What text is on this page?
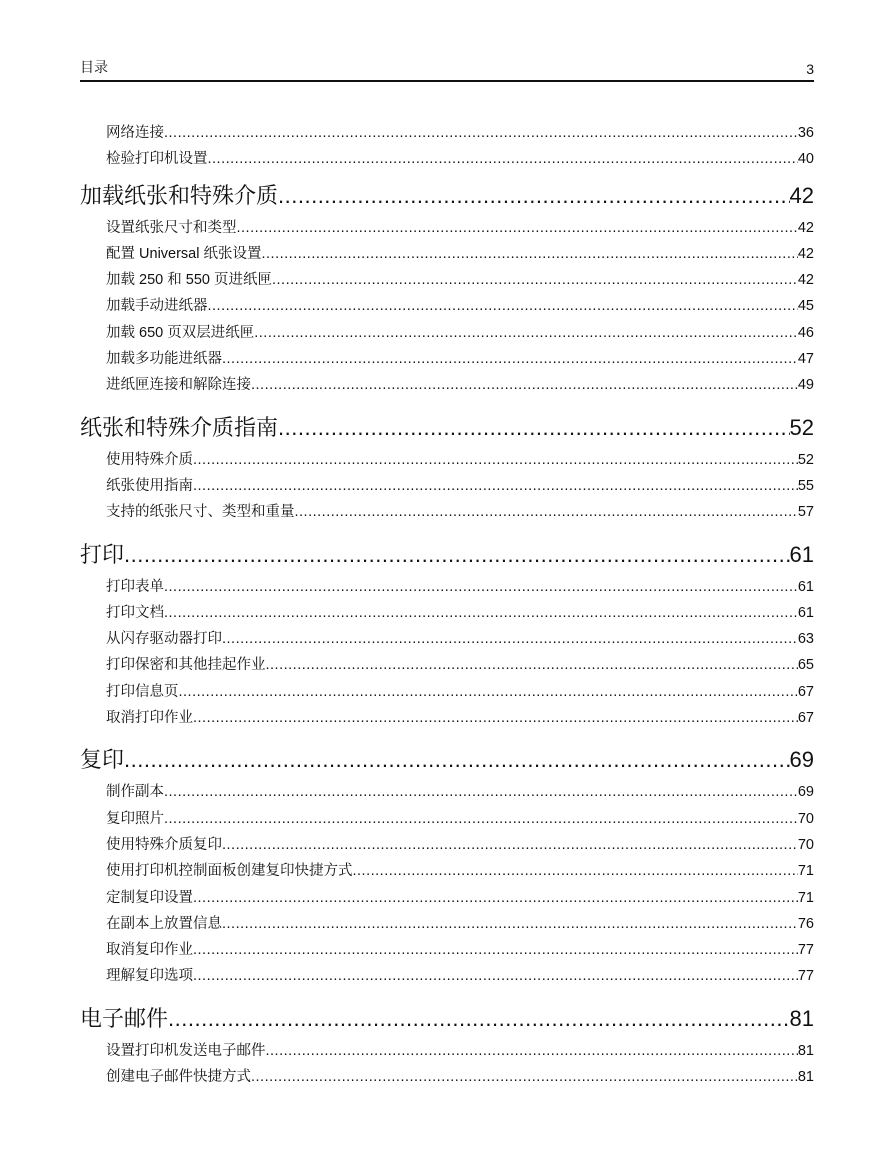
目录	3
网络连接 .....	36
检验打印机设置 .....	40
加载纸张和特殊介质 .....	42
设置纸张尺寸和类型 .....	42
配置 Universal 纸张设置 .....	42
加载 250 和 550 页进纸匣 .....	42
加载手动进纸器 .....	45
加载 650 页双层进纸匣 .....	46
加载多功能进纸器 .....	47
进纸匣连接和解除连接 .....	49
纸张和特殊介质指南 .....	52
使用特殊介质 .....	52
纸张使用指南 .....	55
支持的纸张尺寸、类型和重量 .....	57
打印 .....	61
打印表单 .....	61
打印文档 .....	61
从闪存驱动器打印 .....	63
打印保密和其他挂起作业 .....	65
打印信息页 .....	67
取消打印作业 .....	67
复印 .....	69
制作副本 .....	69
复印照片 .....	70
使用特殊介质复印 .....	70
使用打印机控制面板创建复印快捷方式 .....	71
定制复印设置 .....	71
在副本上放置信息 .....	76
取消复印作业 .....	77
理解复印选项 .....	77
电子邮件 .....	81
设置打印机发送电子邮件 .....	81
创建电子邮件快捷方式 .....	81
